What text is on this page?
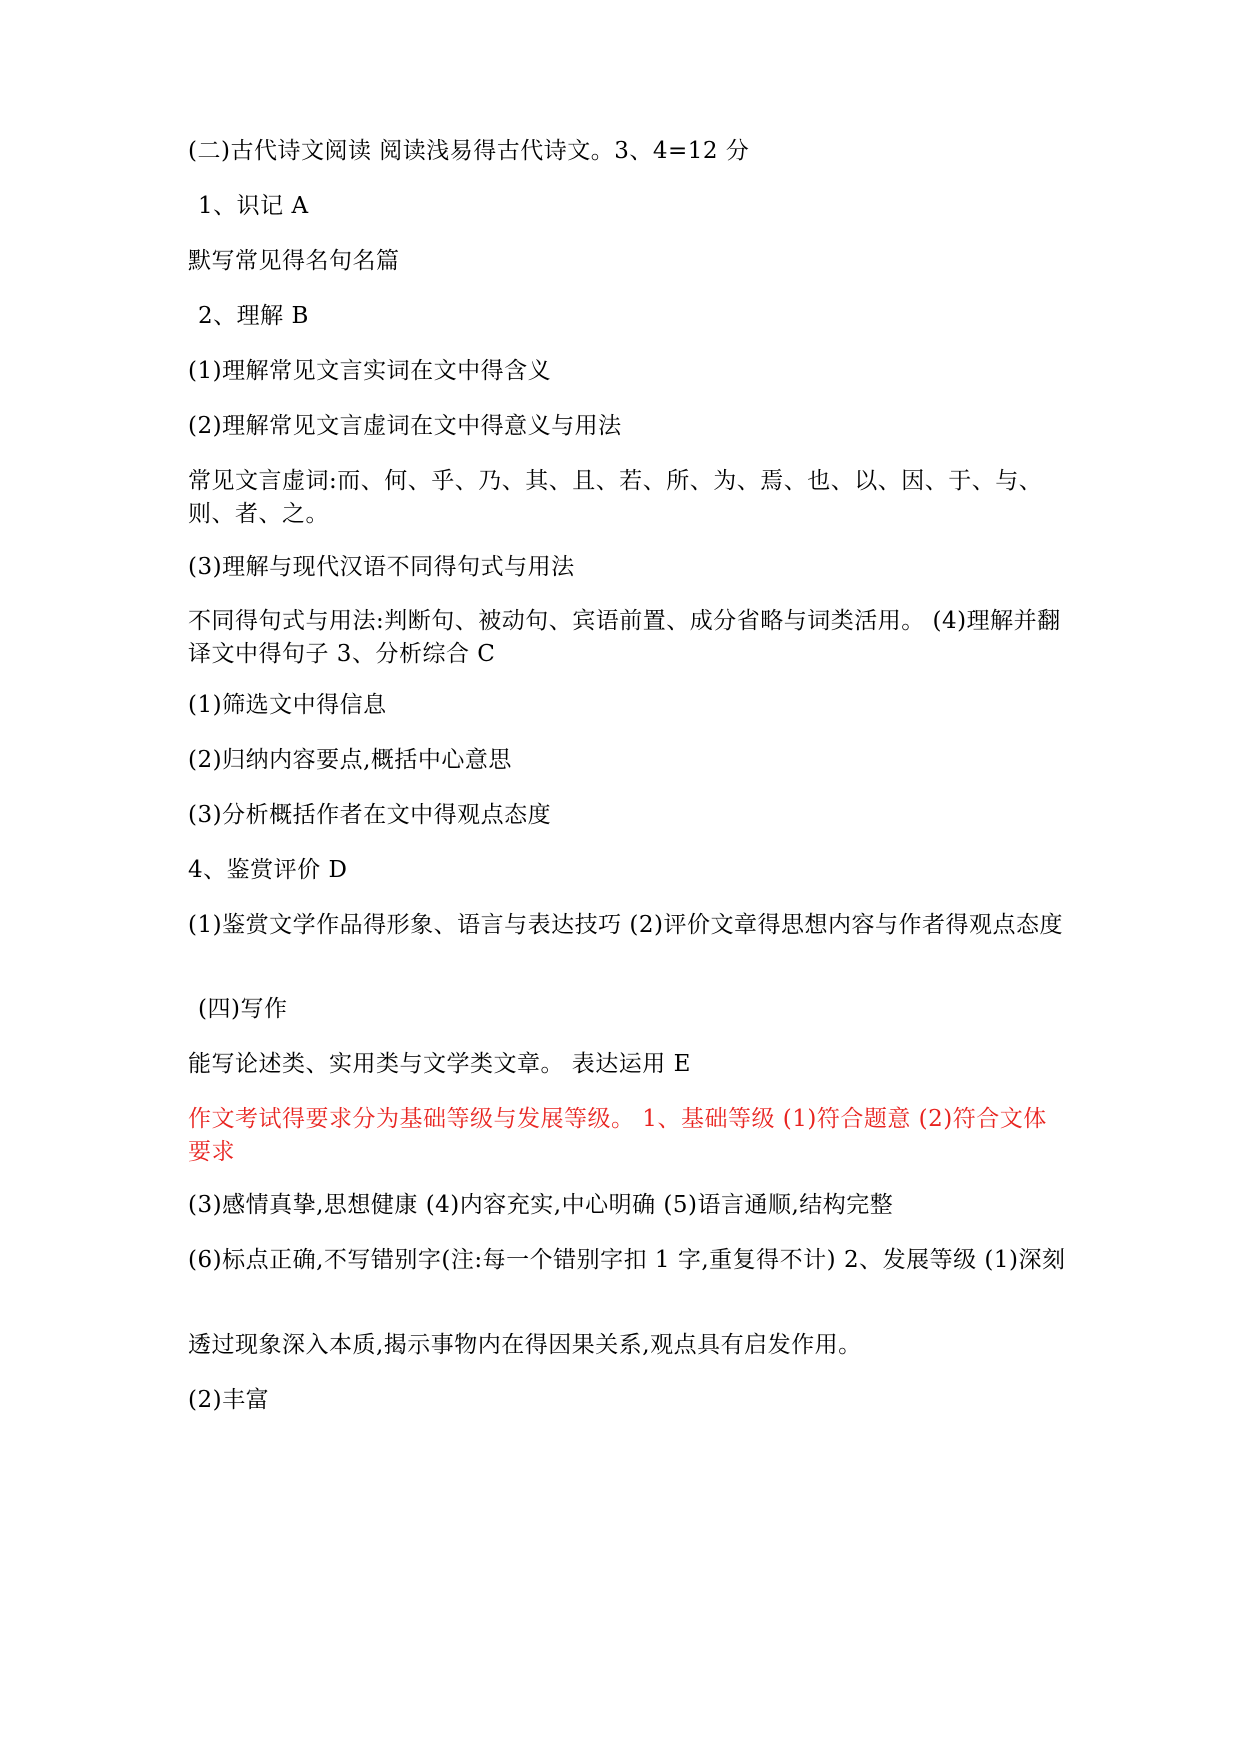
(二)古代诗文阅读 阅读浅易得古代诗文。3、4=12 分

1、识记 A

默写常见得名句名篇

2、理解 B

(1)理解常见文言实词在文中得含义

(2)理解常见文言虚词在文中得意义与用法

常见文言虚词:而、何、乎、乃、其、且、若、所、为、焉、也、以、因、于、与、则、者、之。

(3)理解与现代汉语不同得句式与用法

不同得句式与用法:判断句、被动句、宾语前置、成分省略与词类活用。 (4)理解并翻译文中得句子 3、分析综合 C

(1)筛选文中得信息

(2)归纳内容要点,概括中心意思

(3)分析概括作者在文中得观点态度

4、鉴赏评价 D

(1)鉴赏文学作品得形象、语言与表达技巧 (2)评价文章得思想内容与作者得观点态度

(四)写作

能写论述类、实用类与文学类文章。 表达运用 E

作文考试得要求分为基础等级与发展等级。 1、基础等级 (1)符合题意 (2)符合文体要求

(3)感情真挚,思想健康 (4)内容充实,中心明确 (5)语言通顺,结构完整

(6)标点正确,不写错别字(注:每一个错别字扣 1 字,重复得不计) 2、发展等级 (1)深刻

透过现象深入本质,揭示事物内在得因果关系,观点具有启发作用。

(2)丰富
